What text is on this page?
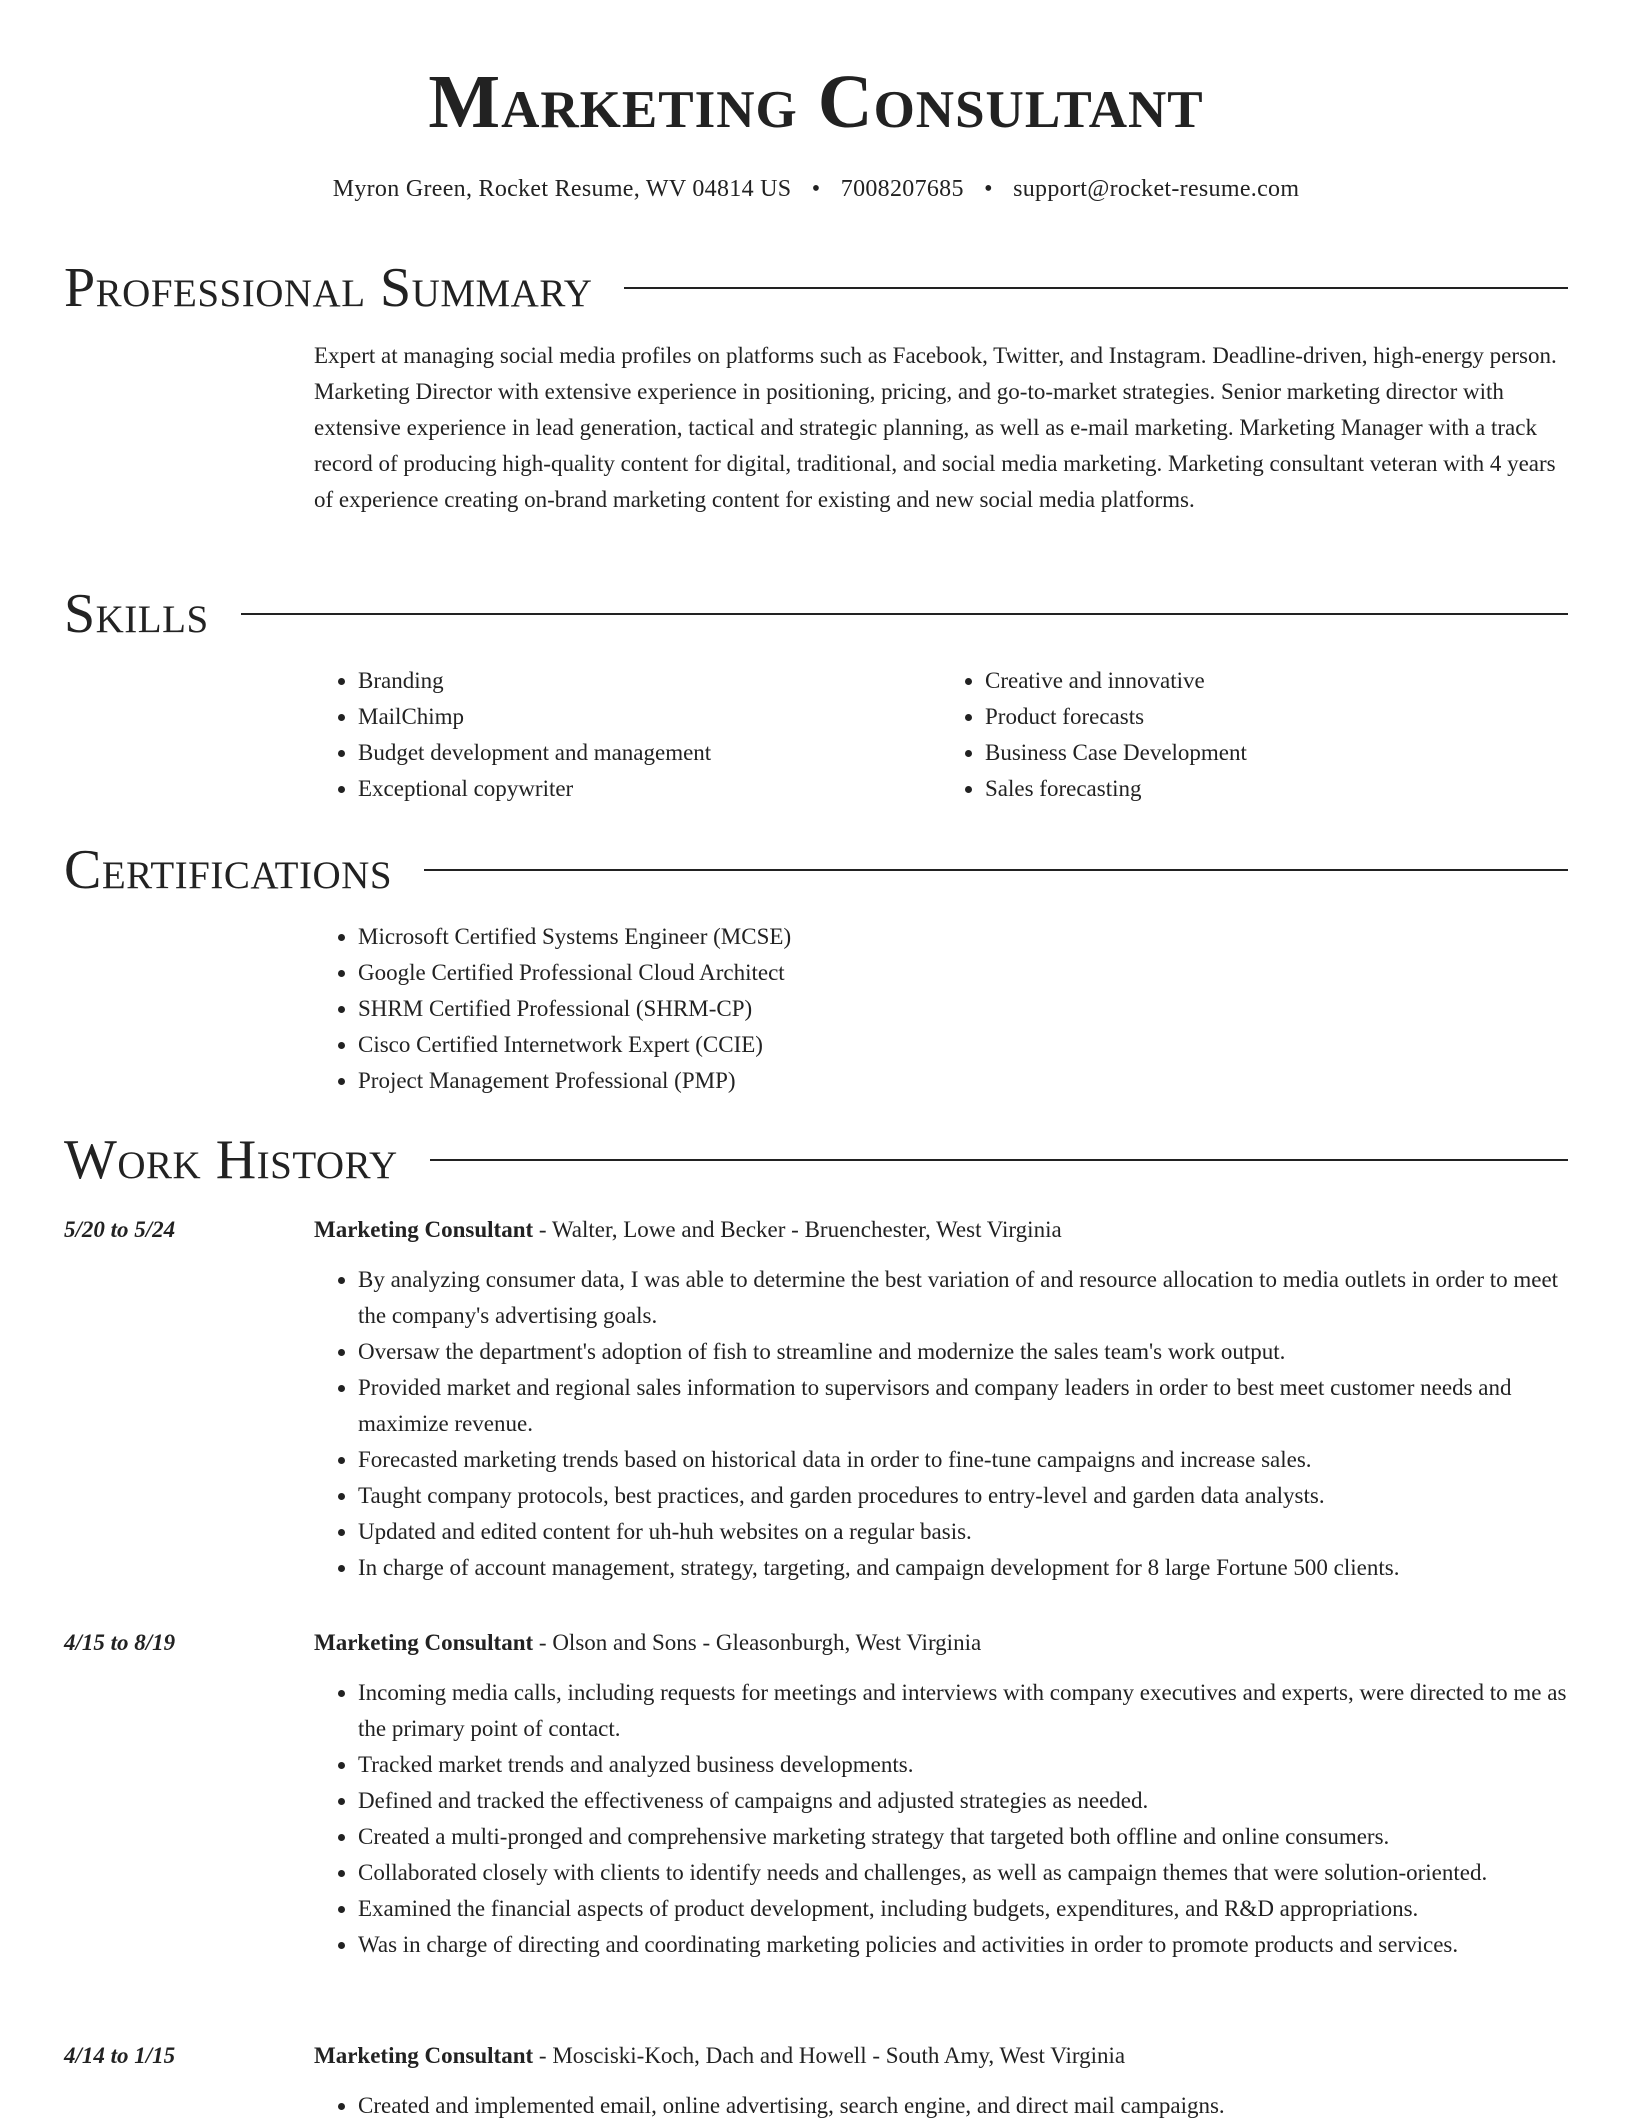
Marketing Consultant
Myron Green, Rocket Resume, WV 04814 US • 7008207685 • support@rocket-resume.com
Professional Summary

Expert at managing social media profiles on platforms such as Facebook, Twitter, and Instagram. Deadline-driven, high-energy person. Marketing Director with extensive experience in positioning, pricing, and go-to-market strategies. Senior marketing director with extensive experience in lead generation, tactical and strategic planning, as well as e-mail marketing. Marketing Manager with a track record of producing high-quality content for digital, traditional, and social media marketing. Marketing consultant veteran with 4 years of experience creating on-brand marketing content for existing and new social media platforms.

Skills
• Branding
• MailChimp
• Budget development and management
• Exceptional copywriter
• Creative and innovative
• Product forecasts
• Business Case Development
• Sales forecasting
Certifications
• Microsoft Certified Systems Engineer (MCSE)
• Google Certified Professional Cloud Architect
• SHRM Certified Professional (SHRM-CP)
• Cisco Certified Internetwork Expert (CCIE)
• Project Management Professional (PMP)
Work History
5/20 to 5/24	Marketing Consultant - Walter, Lowe and Becker - Bruenchester, West Virginia
• By analyzing consumer data, I was able to determine the best variation of and resource allocation to media outlets in order to meet the company's advertising goals.
• Oversaw the department's adoption of fish to streamline and modernize the sales team's work output.
• Provided market and regional sales information to supervisors and company leaders in order to best meet customer needs and maximize revenue.
• Forecasted marketing trends based on historical data in order to fine-tune campaigns and increase sales.
• Taught company protocols, best practices, and garden procedures to entry-level and garden data analysts.
• Updated and edited content for uh-huh websites on a regular basis.
• In charge of account management, strategy, targeting, and campaign development for 8 large Fortune 500 clients.
4/15 to 8/19	Marketing Consultant - Olson and Sons - Gleasonburgh, West Virginia
• Incoming media calls, including requests for meetings and interviews with company executives and experts, were directed to me as the primary point of contact.
• Tracked market trends and analyzed business developments.
• Defined and tracked the effectiveness of campaigns and adjusted strategies as needed.
• Created a multi-pronged and comprehensive marketing strategy that targeted both offline and online consumers.
• Collaborated closely with clients to identify needs and challenges, as well as campaign themes that were solution-oriented.
• Examined the financial aspects of product development, including budgets, expenditures, and R&D appropriations.
• Was in charge of directing and coordinating marketing policies and activities in order to promote products and services.
4/14 to 1/15	Marketing Consultant - Mosciski-Koch, Dach and Howell - South Amy, West Virginia
• Created and implemented email, online advertising, search engine, and direct mail campaigns.
